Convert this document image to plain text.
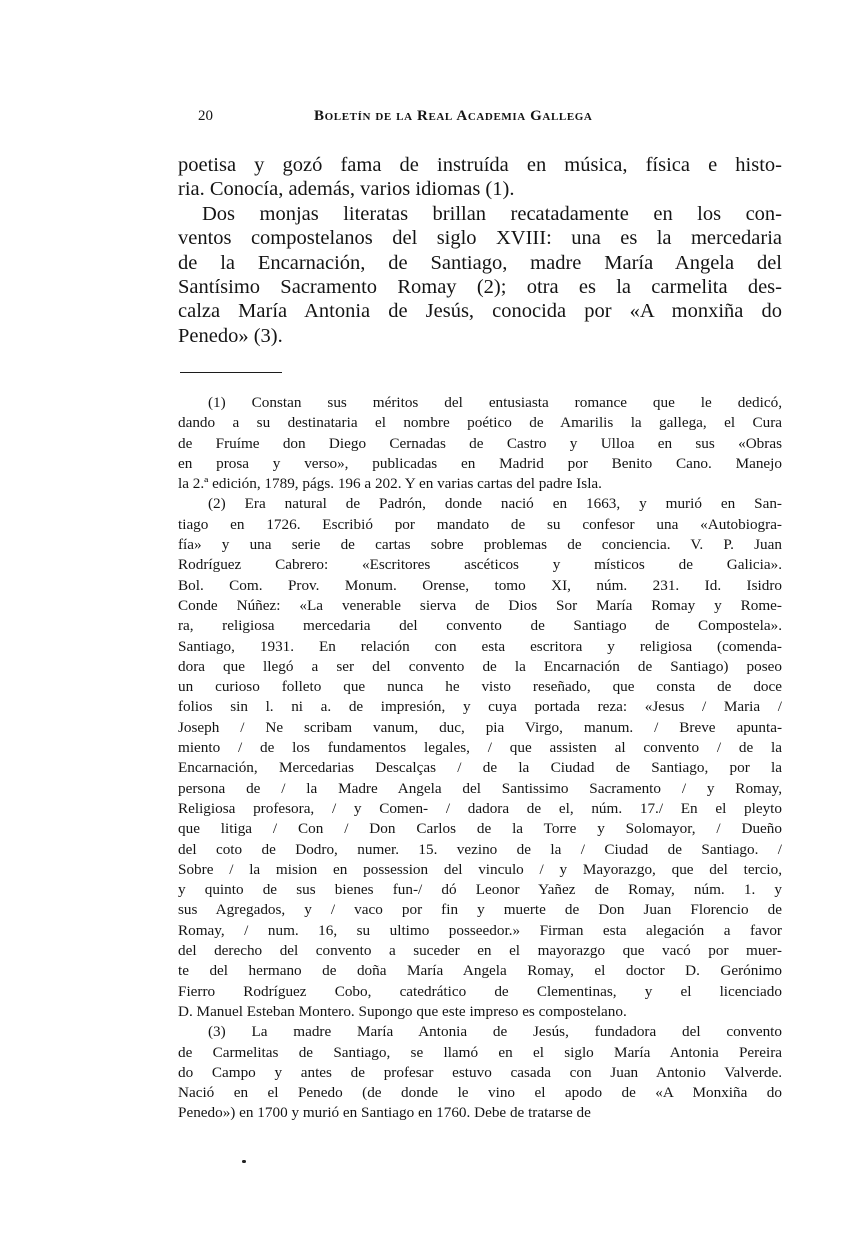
20	Boletín de la Real Academia Gallega
poetisa y gozó fama de instruída en música, física e histo-
ria. Conocía, además, varios idiomas (1).
Dos monjas literatas brillan recatadamente en los con-
ventos compostelanos del siglo XVIII: una es la mercedaria
de la Encarnación, de Santiago, madre María Angela del
Santísimo Sacramento Romay (2); otra es la carmelita des-
calza María Antonia de Jesús, conocida por «A monxiña do
Penedo» (3).
(1) Constan sus méritos del entusiasta romance que le dedicó,
dando a su destinataria el nombre poético de Amarilis la gallega, el Cura
de Fruíme don Diego Cernadas de Castro y Ulloa en sus «Obras
en prosa y verso», publicadas en Madrid por Benito Cano. Manejo
la 2.ª edición, 1789, págs. 196 a 202. Y en varias cartas del padre Isla.
(2) Era natural de Padrón, donde nació en 1663, y murió en San-
tiago en 1726. Escribió por mandato de su confesor una «Autobiogra-
fía» y una serie de cartas sobre problemas de conciencia. V. P. Juan
Rodríguez Cabrero: «Escritores ascéticos y místicos de Galicia».
Bol. Com. Prov. Monum. Orense, tomo XI, núm. 231. Id. Isidro
Conde Núñez: «La venerable sierva de Dios Sor María Romay y Rome-
ra, religiosa mercedaria del convento de Santiago de Compostela».
Santiago, 1931. En relación con esta escritora y religiosa (comenda-
dora que llegó a ser del convento de la Encarnación de Santiago) poseo
un curioso folleto que nunca he visto reseñado, que consta de doce
folios sin l. ni a. de impresión, y cuya portada reza: «Jesus / Maria /
Joseph / Ne scribam vanum, duc, pia Virgo, manum. / Breve apunta-
miento / de los fundamentos legales, / que assisten al convento / de la
Encarnación, Mercedarias Descalças / de la Ciudad de Santiago, por la
persona de / la Madre Angela del Santissimo Sacramento / y Romay,
Religiosa profesora, / y Comen- / dadora de el, núm. 17./ En el pleyto
que litiga / Con / Don Carlos de la Torre y Solomayor, / Dueño
del coto de Dodro, numer. 15. vezino de la / Ciudad de Santiago. /
Sobre / la mision en possession del vinculo / y Mayorazgo, que del tercio,
y quinto de sus bienes fun-/ dó Leonor Yañez de Romay, núm. 1. y
sus Agregados, y / vaco por fin y muerte de Don Juan Florencio de
Romay, / num. 16, su ultimo posseedor.» Firman esta alegación a favor
del derecho del convento a suceder en el mayorazgo que vacó por muer-
te del hermano de doña María Angela Romay, el doctor D. Gerónimo
Fierro Rodríguez Cobo, catedrático de Clementinas, y el licenciado
D. Manuel Esteban Montero. Supongo que este impreso es compostelano.
(3) La madre María Antonia de Jesús, fundadora del convento
de Carmelitas de Santiago, se llamó en el siglo María Antonia Pereira
do Campo y antes de profesar estuvo casada con Juan Antonio Valverde.
Nació en el Penedo (de donde le vino el apodo de «A Monxiña do
Penedo») en 1700 y murió en Santiago en 1760. Debe de tratarse de
